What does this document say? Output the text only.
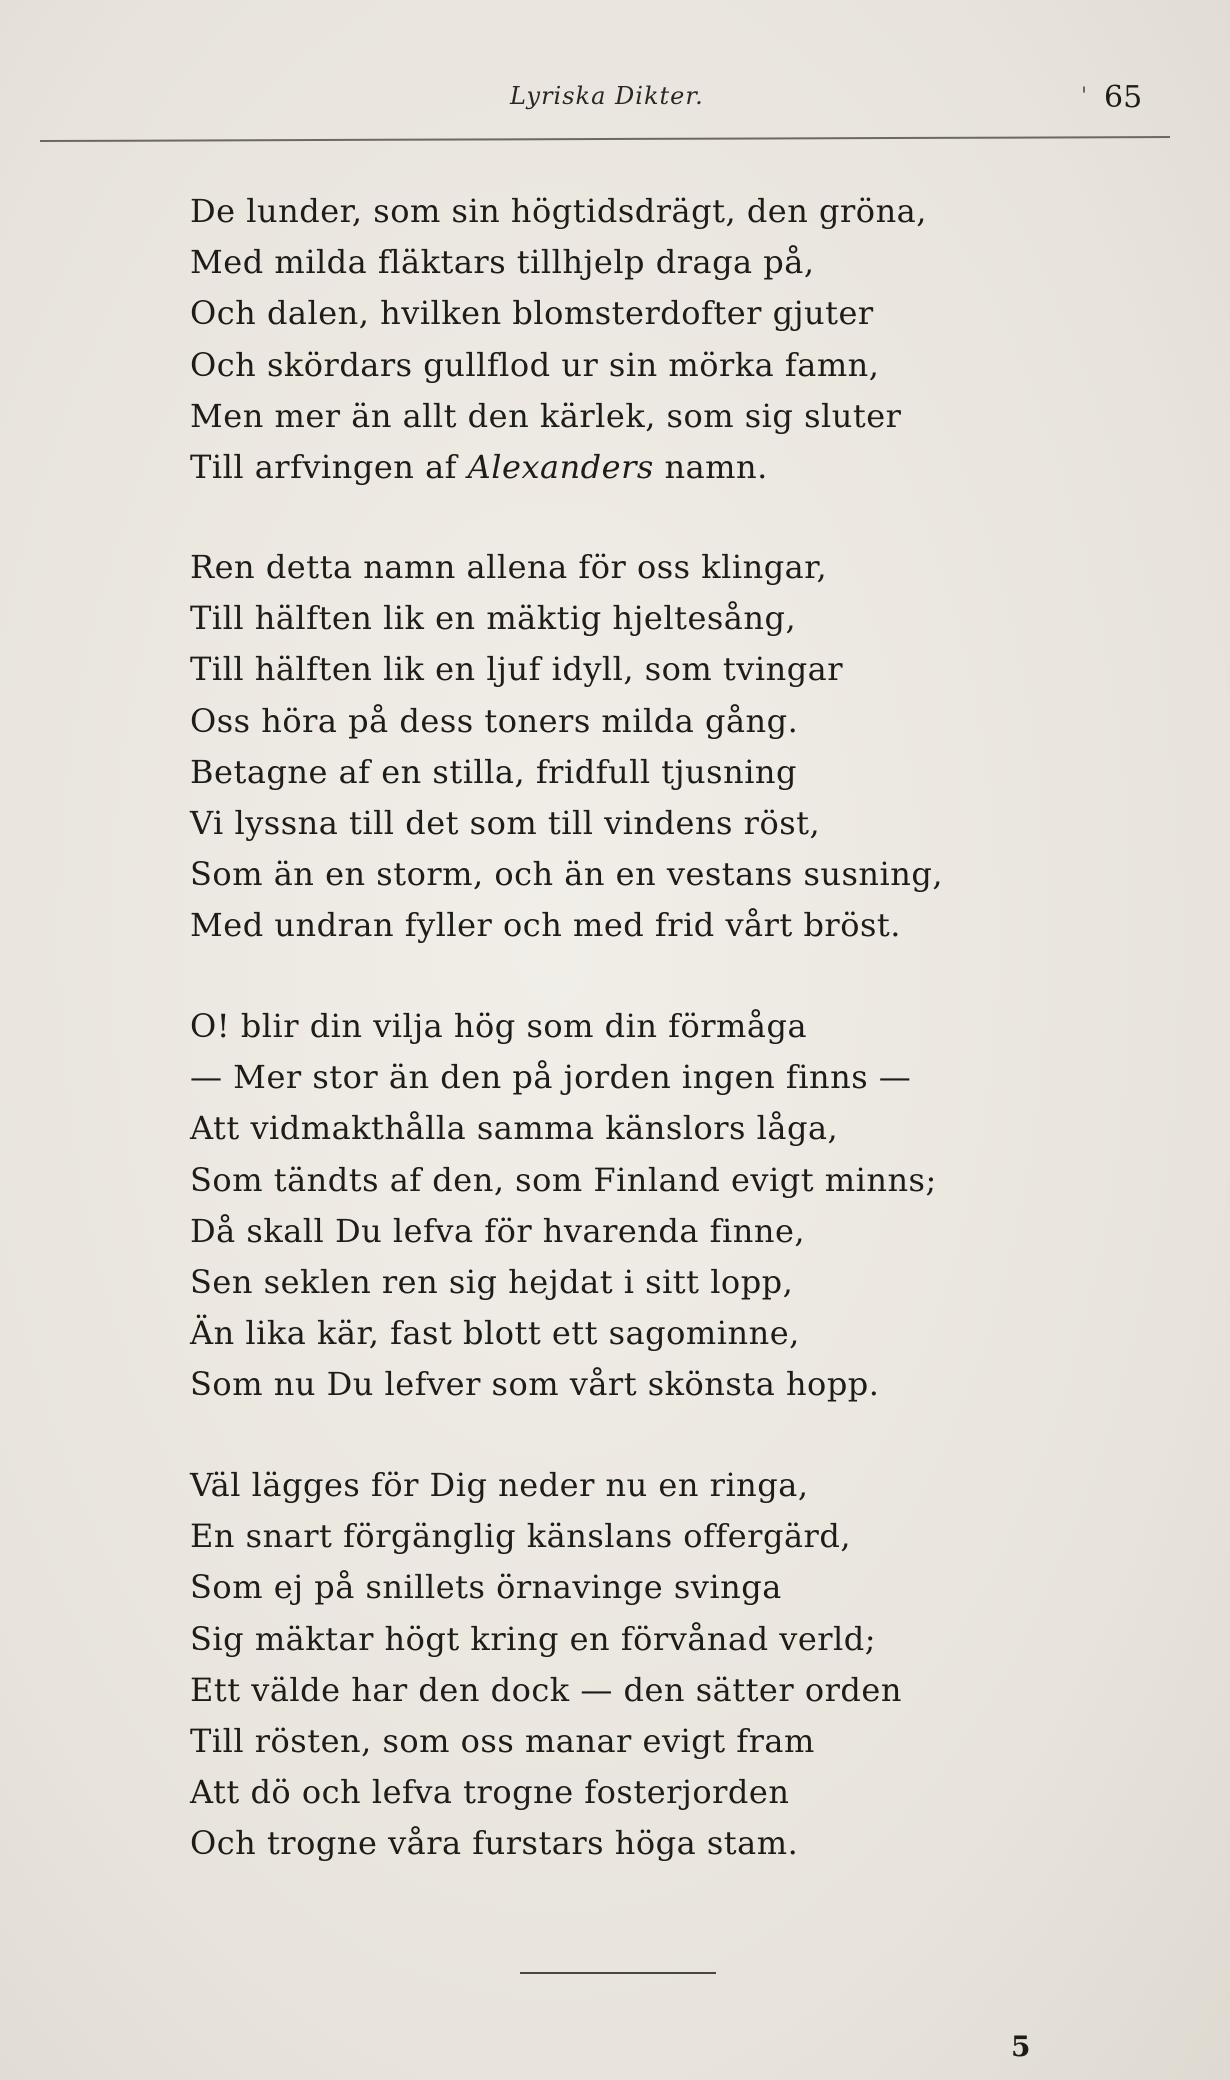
Lyriska Dikter.	' 65
De lunder, som sin högtidsdrägt, den gröna,
Med milda fläktars tillhjelp draga på,
Och dalen, hvilken blomsterdofter gjuter
Och skördars gullflod ur sin mörka famn,
Men mer än allt den kärlek, som sig sluter
Till arfvingen af Alexanders namn.
Ren detta namn allena för oss klingar,
Till hälften lik en mäktig hjeltesång,
Till hälften lik en ljuf idyll, som tvingar
Oss höra på dess toners milda gång.
Betagne af en stilla, fridfull tjusning
Vi lyssna till det som till vindens röst,
Som än en storm, och än en vestans susning,
Med undran fyller och med frid vårt bröst.
O! blir din vilja hög som din förmåga
— Mer stor än den på jorden ingen finns —
Att vidmakthålla samma känslors låga,
Som tändts af den, som Finland evigt minns;
Då skall Du lefva för hvarenda finne,
Sen seklen ren sig hejdat i sitt lopp,
Än lika kär, fast blott ett sagominne,
Som nu Du lefver som vårt skönsta hopp.
Väl lägges för Dig neder nu en ringa,
En snart förgänglig känslans offergärd,
Som ej på snillets örnavinge svinga
Sig mäktar högt kring en förvånad verld;
Ett välde har den dock — den sätter orden
Till rösten, som oss manar evigt fram
Att dö och lefva trogne fosterjorden
Och trogne våra furstars höga stam.
5
